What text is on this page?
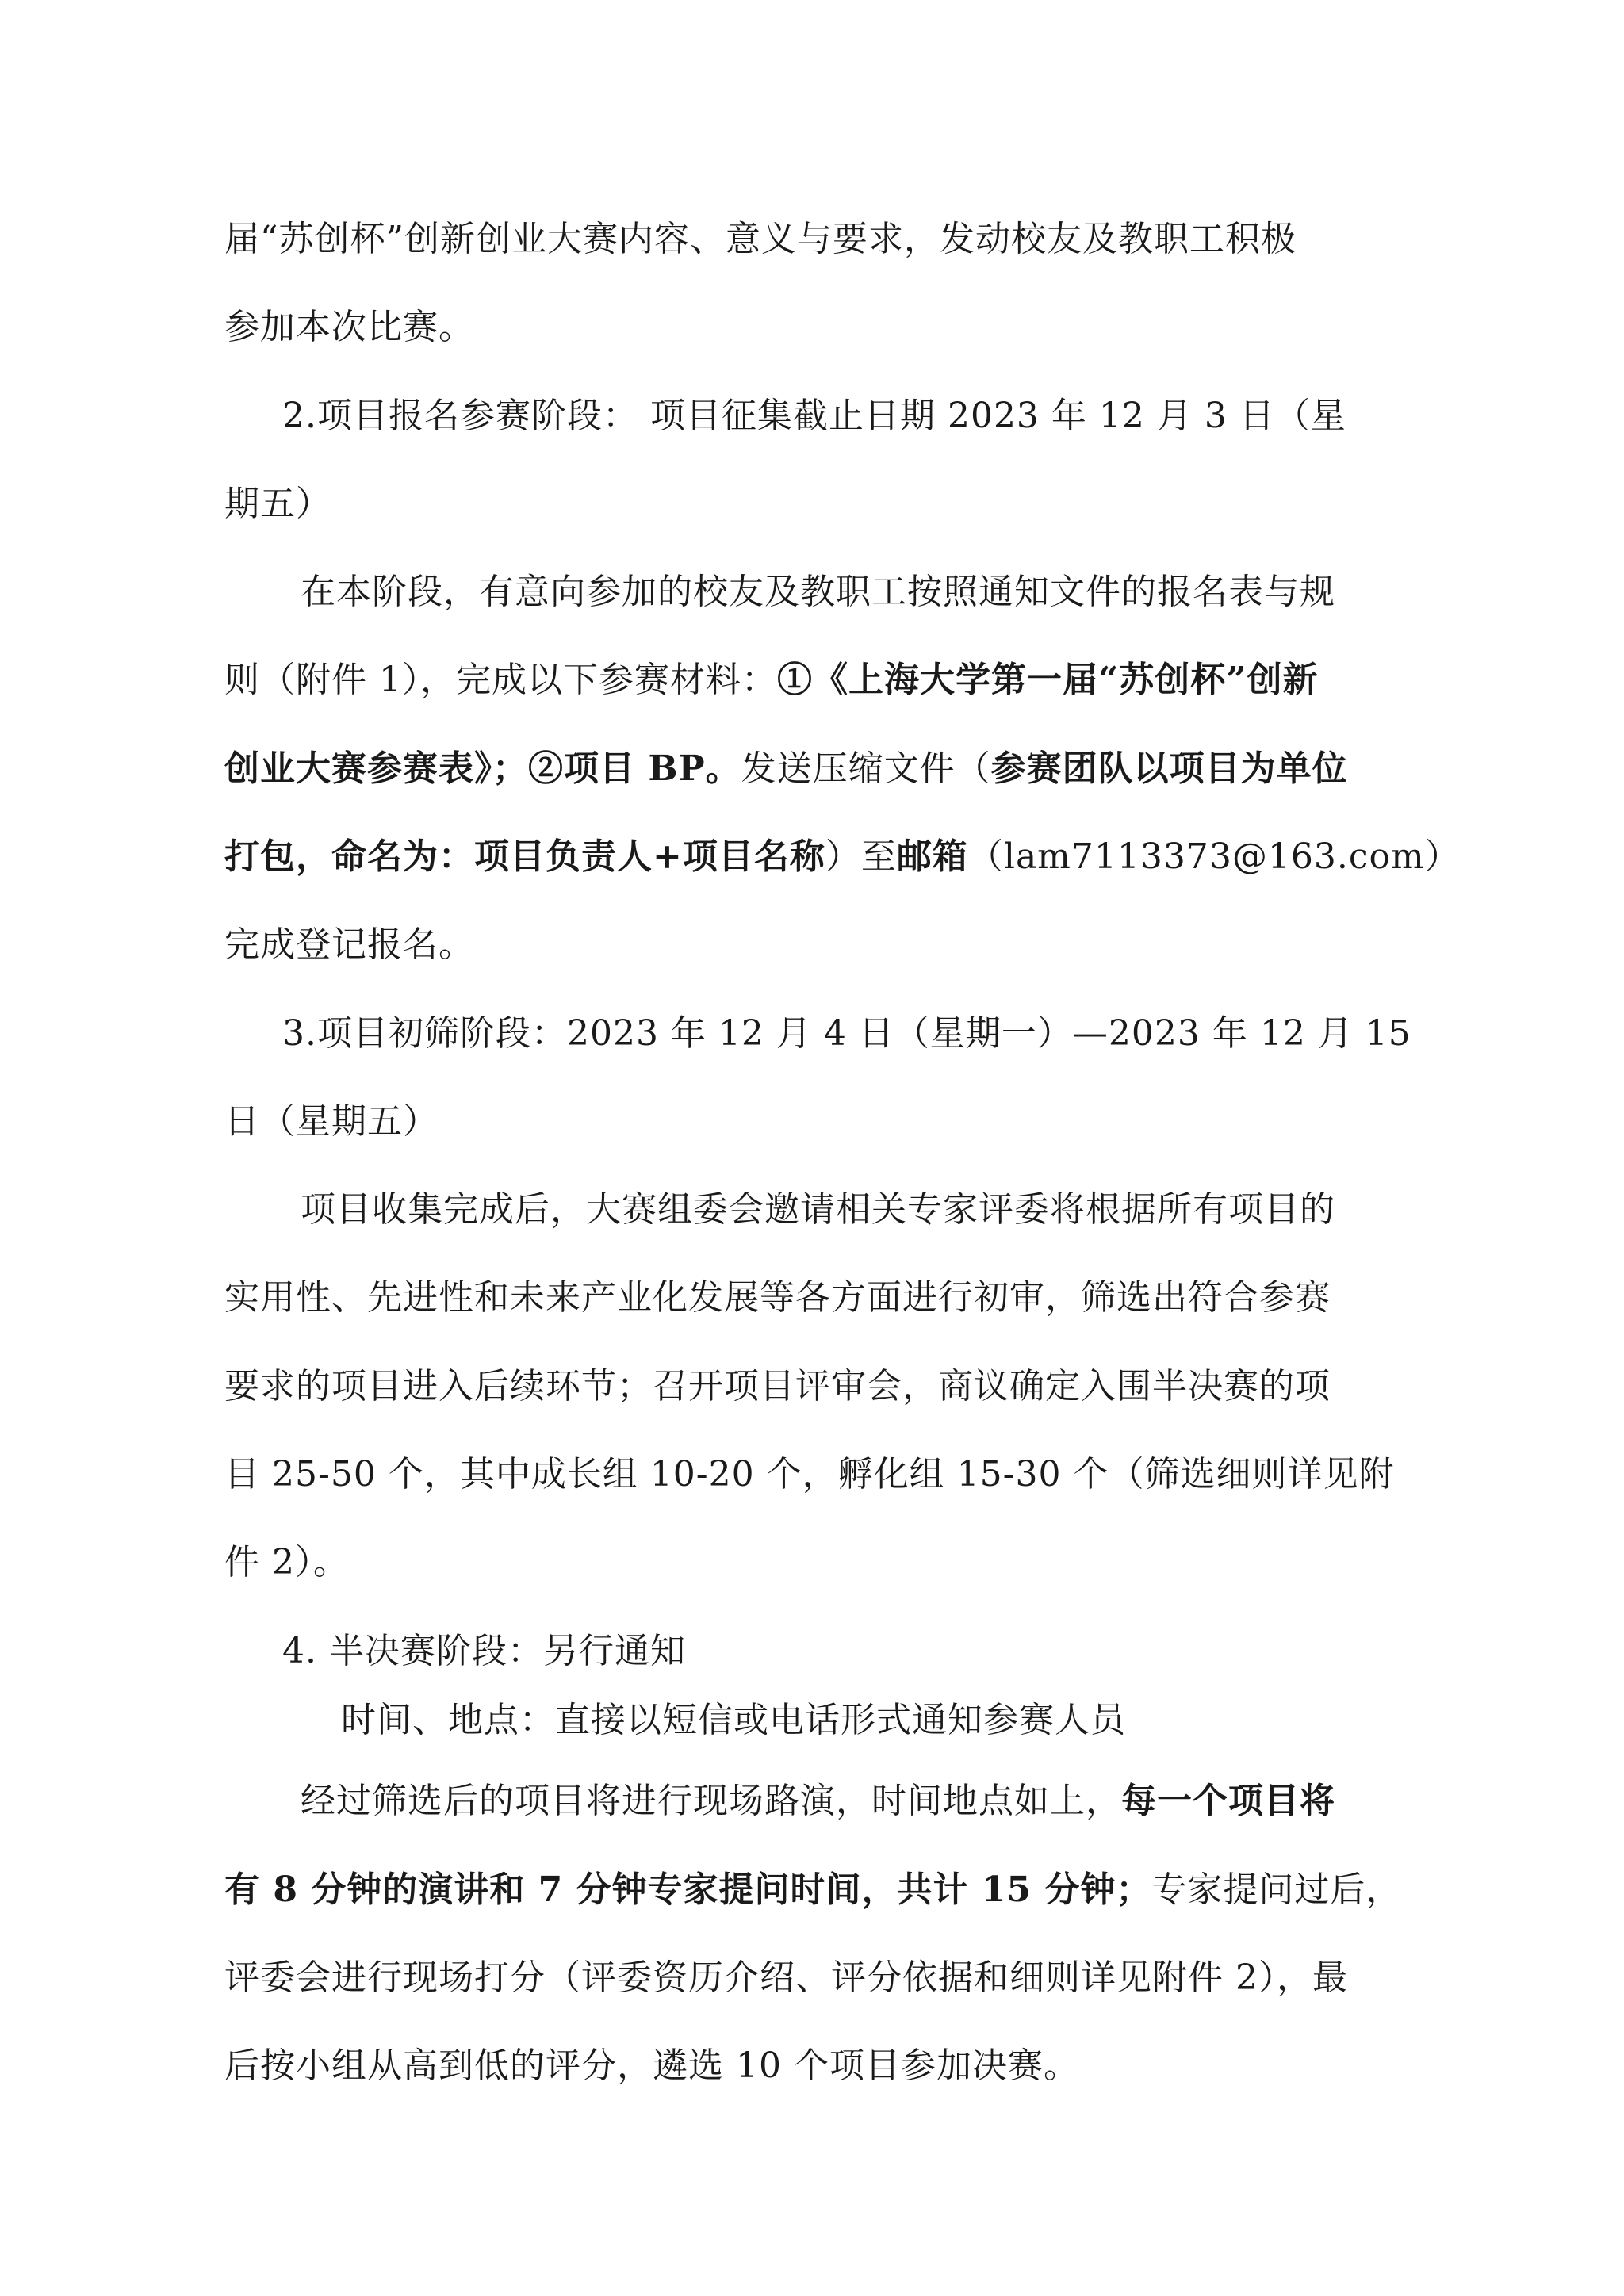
届“苏创杯”创新创业大赛内容、意义与要求，发动校友及教职工积极
参加本次比赛。
2.项目报名参赛阶段： 项目征集截止日期 2023 年 12 月 3 日（星
期五）
在本阶段，有意向参加的校友及教职工按照通知文件的报名表与规
则（附件 1），完成以下参赛材料：①《上海大学第一届“苏创杯”创新
创业大赛参赛表》；②项目 BP。发送压缩文件（参赛团队以项目为单位
打包，命名为：项目负责人+项目名称）至邮箱（lam7113373@163.com）
完成登记报名。
3.项目初筛阶段：2023 年 12 月 4 日（星期一）—2023 年 12 月 15
日（星期五）
项目收集完成后，大赛组委会邀请相关专家评委将根据所有项目的
实用性、先进性和未来产业化发展等各方面进行初审，筛选出符合参赛
要求的项目进入后续环节；召开项目评审会，商议确定入围半决赛的项
目 25-50 个，其中成长组 10-20 个，孵化组 15-30 个（筛选细则详见附
件 2）。
4. 半决赛阶段：另行通知
时间、地点：直接以短信或电话形式通知参赛人员
经过筛选后的项目将进行现场路演，时间地点如上，每一个项目将
有 8 分钟的演讲和 7 分钟专家提问时间，共计 15 分钟；专家提问过后，
评委会进行现场打分（评委资历介绍、评分依据和细则详见附件 2），最
后按小组从高到低的评分，遴选 10 个项目参加决赛。
